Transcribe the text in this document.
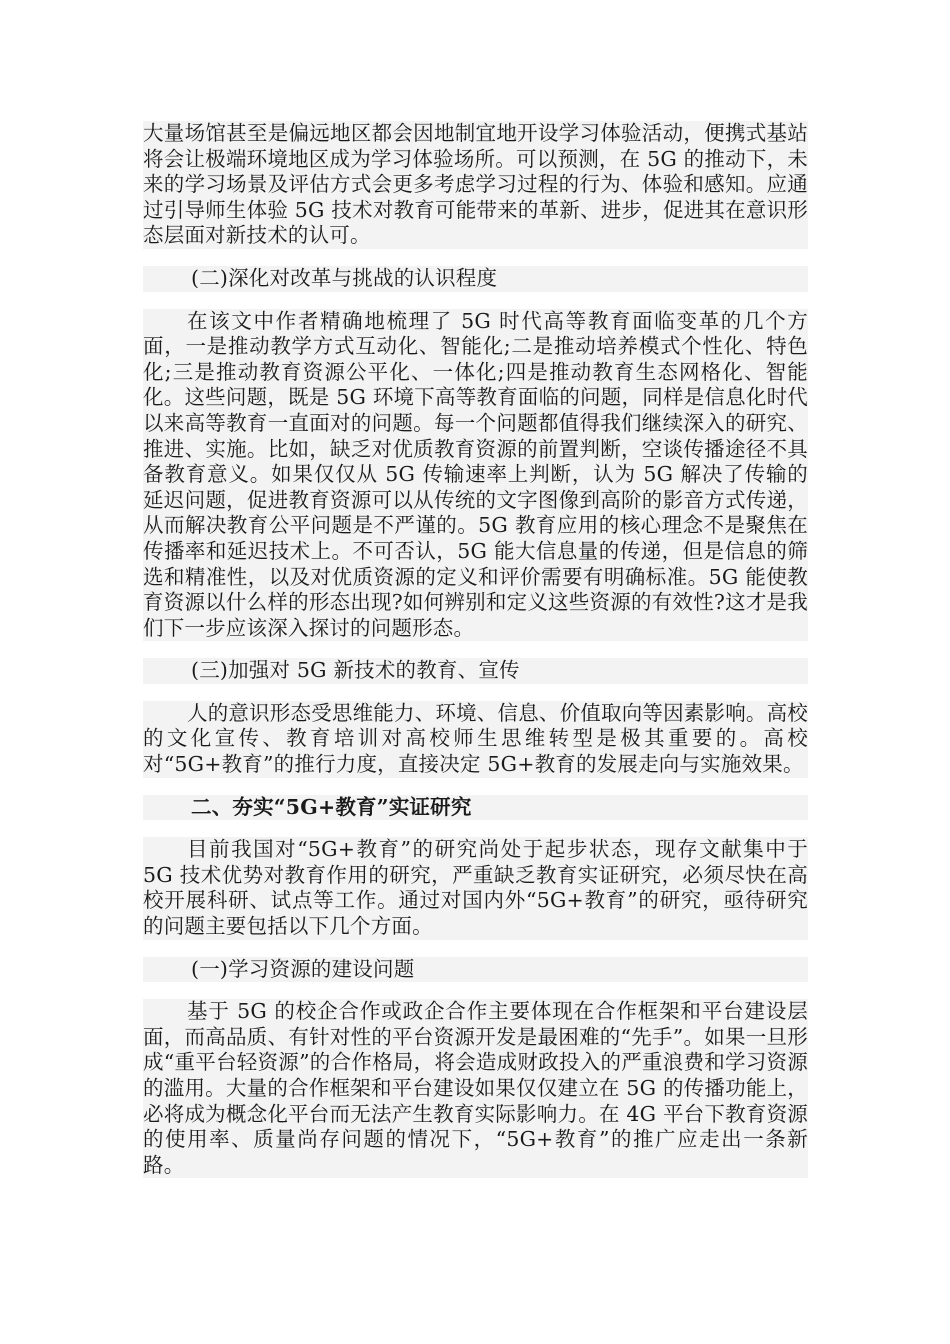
大量场馆甚至是偏远地区都会因地制宜地开设学习体验活动，便携式基站将会让极端环境地区成为学习体验场所。可以预测，在 5G 的推动下，未来的学习场景及评估方式会更多考虑学习过程的行为、体验和感知。应通过引导师生体验 5G 技术对教育可能带来的革新、进步，促进其在意识形态层面对新技术的认可。

(二)深化对改革与挑战的认识程度

在该文中作者精确地梳理了 5G 时代高等教育面临变革的几个方面，一是推动教学方式互动化、智能化;二是推动培养模式个性化、特色化;三是推动教育资源公平化、一体化;四是推动教育生态网格化、智能化。这些问题，既是 5G 环境下高等教育面临的问题，同样是信息化时代以来高等教育一直面对的问题。每一个问题都值得我们继续深入的研究、推进、实施。比如，缺乏对优质教育资源的前置判断，空谈传播途径不具备教育意义。如果仅仅从 5G 传输速率上判断，认为 5G 解决了传输的延迟问题，促进教育资源可以从传统的文字图像到高阶的影音方式传递，从而解决教育公平问题是不严谨的。5G 教育应用的核心理念不是聚焦在传播率和延迟技术上。不可否认，5G 能大信息量的传递，但是信息的筛选和精准性，以及对优质资源的定义和评价需要有明确标准。5G 能使教育资源以什么样的形态出现?如何辨别和定义这些资源的有效性?这才是我们下一步应该深入探讨的问题形态。

(三)加强对 5G 新技术的教育、宣传

人的意识形态受思维能力、环境、信息、价值取向等因素影响。高校的文化宣传、教育培训对高校师生思维转型是极其重要的。高校对“5G+教育”的推行力度，直接决定 5G+教育的发展走向与实施效果。

二、夯实“5G+教育”实证研究

目前我国对“5G+教育”的研究尚处于起步状态，现存文献集中于 5G 技术优势对教育作用的研究，严重缺乏教育实证研究，必须尽快在高校开展科研、试点等工作。通过对国内外“5G+教育”的研究，亟待研究的问题主要包括以下几个方面。

(一)学习资源的建设问题

基于 5G 的校企合作或政企合作主要体现在合作框架和平台建设层面，而高品质、有针对性的平台资源开发是最困难的“先手”。如果一旦形成“重平台轻资源”的合作格局，将会造成财政投入的严重浪费和学习资源的滥用。大量的合作框架和平台建设如果仅仅建立在 5G 的传播功能上，必将成为概念化平台而无法产生教育实际影响力。在 4G 平台下教育资源的使用率、质量尚存问题的情况下，“5G+教育”的推广应走出一条新路。
